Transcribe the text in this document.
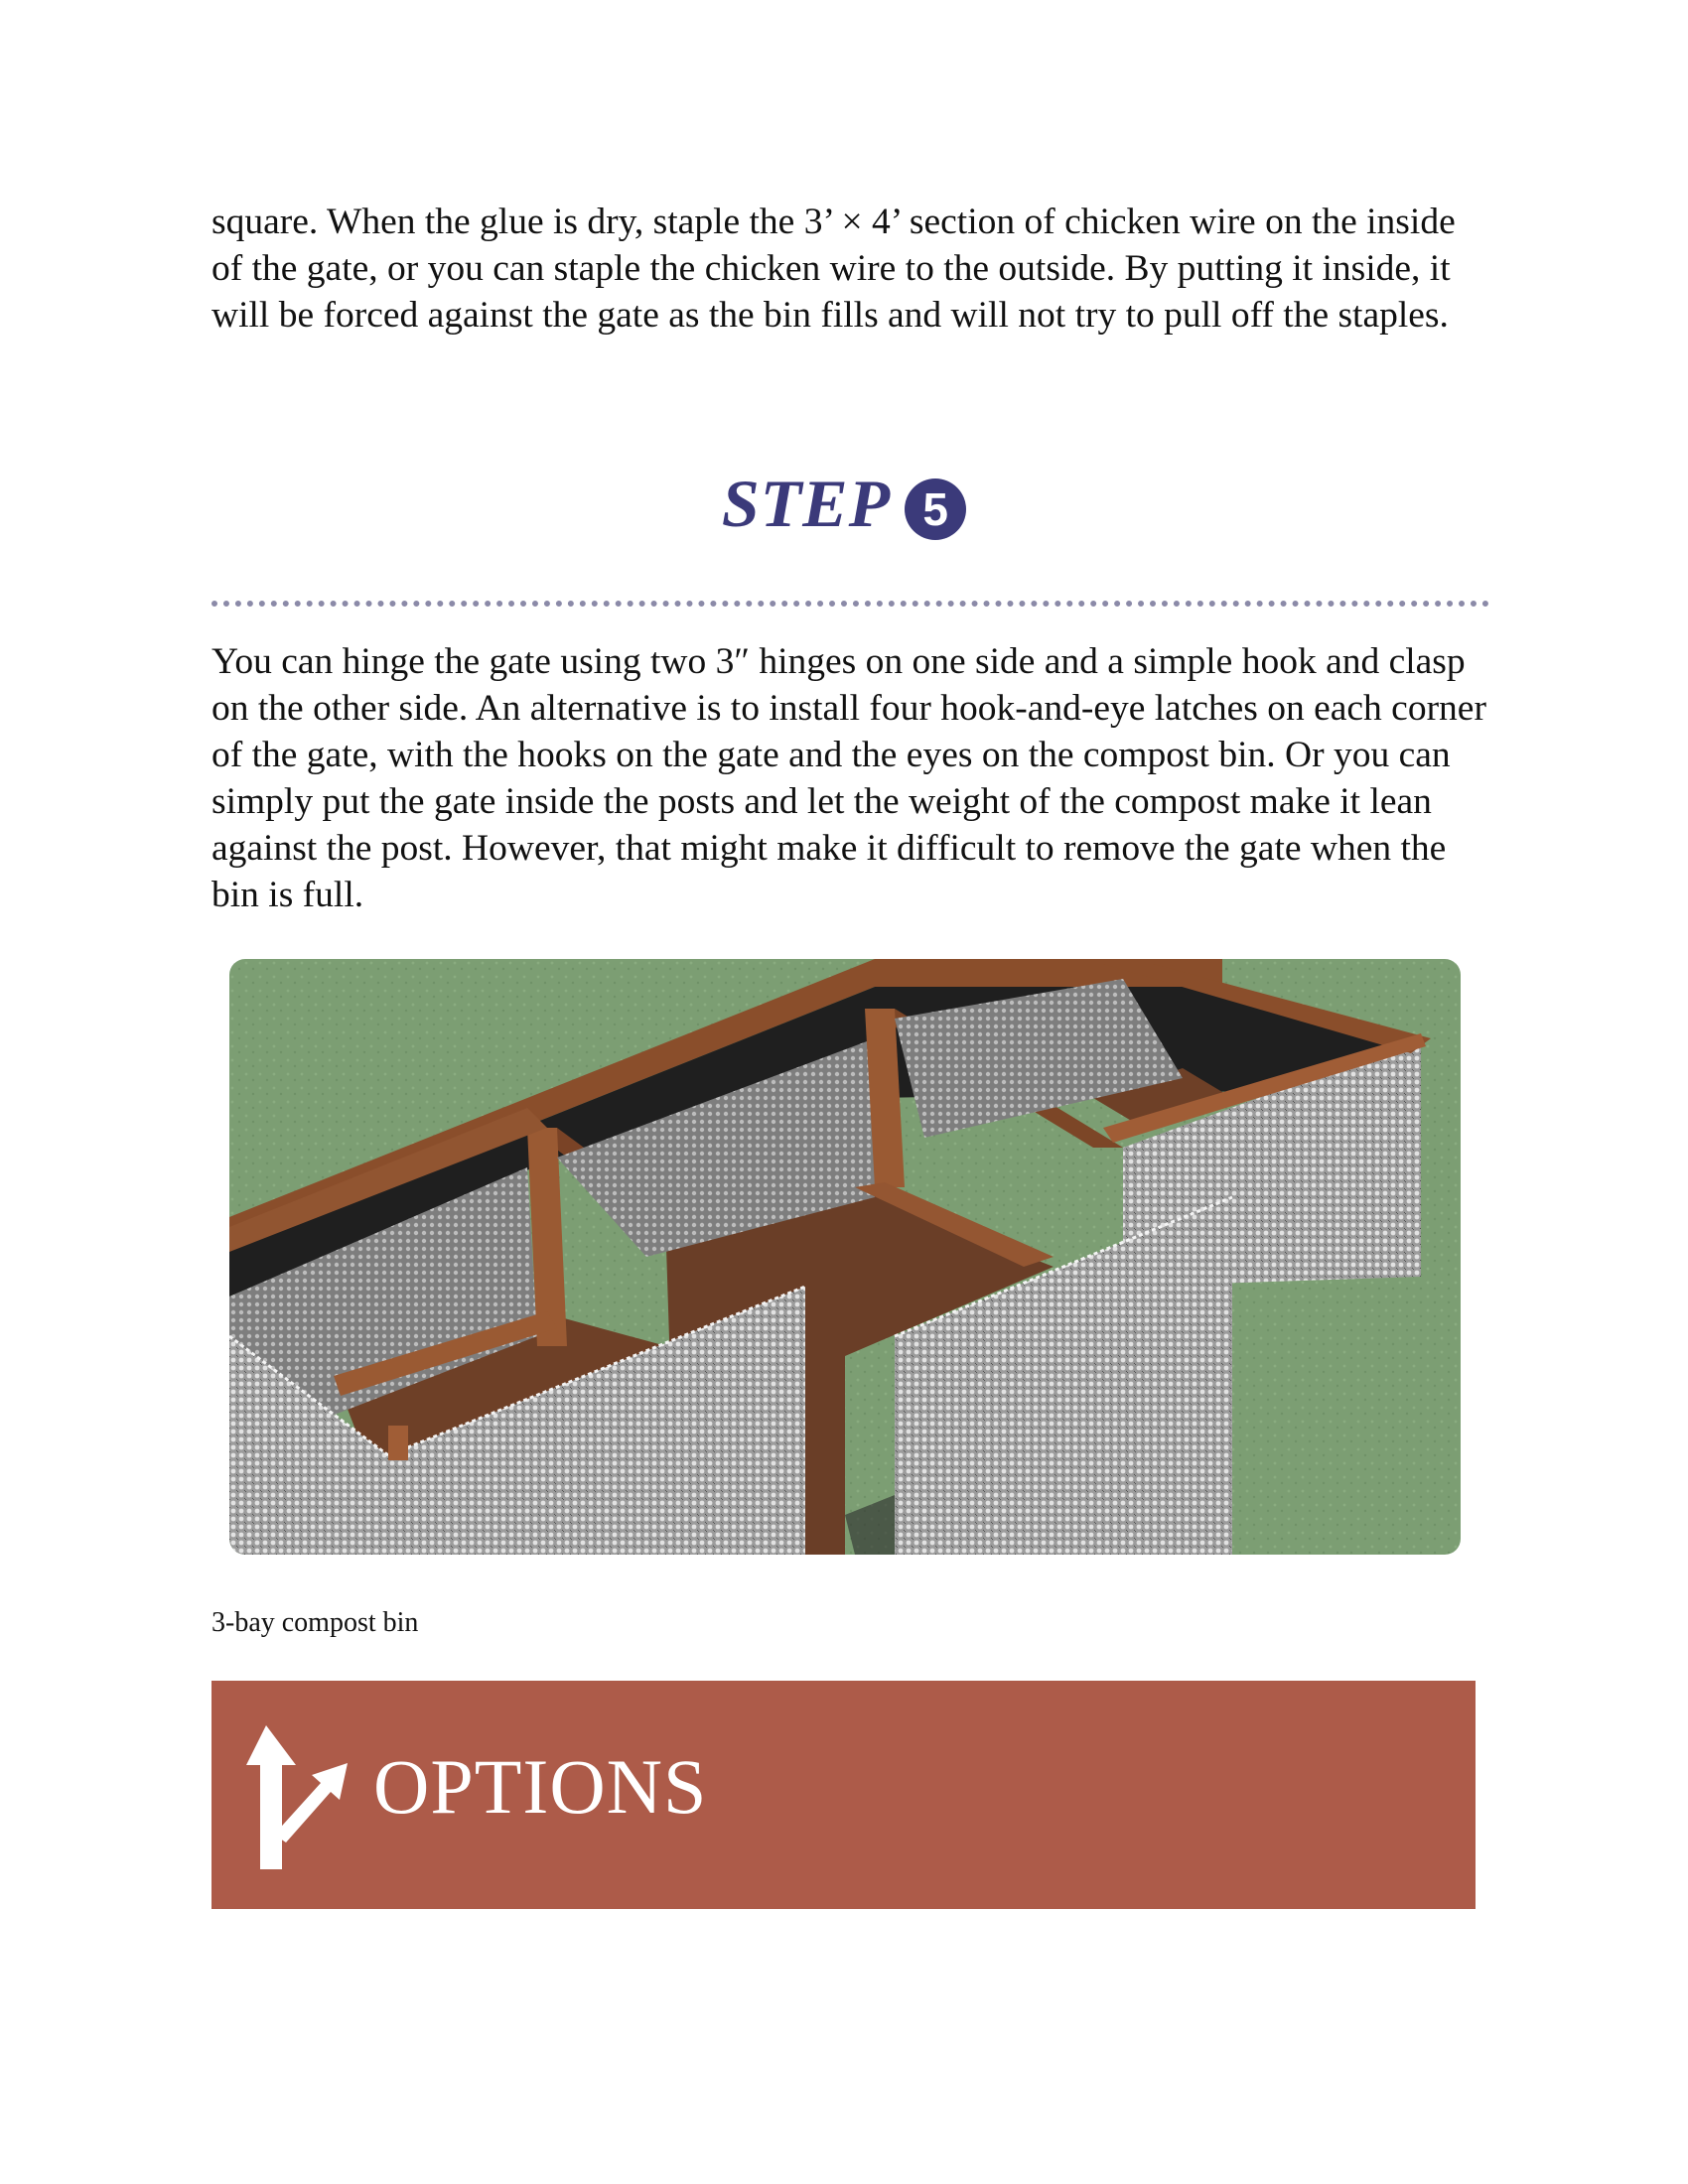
square. When the glue is dry, staple the 3’ × 4’ section of chicken wire on the inside of the gate, or you can staple the chicken wire to the outside. By putting it inside, it will be forced against the gate as the bin fills and will not try to pull off the staples.

STEP 5

You can hinge the gate using two 3″ hinges on one side and a simple hook and clasp on the other side. An alternative is to install four hook-and-eye latches on each corner of the gate, with the hooks on the gate and the eyes on the compost bin. Or you can simply put the gate inside the posts and let the weight of the compost make it lean against the post. However, that might make it difficult to remove the gate when the bin is full.

3-bay compost bin
OPTIONS
